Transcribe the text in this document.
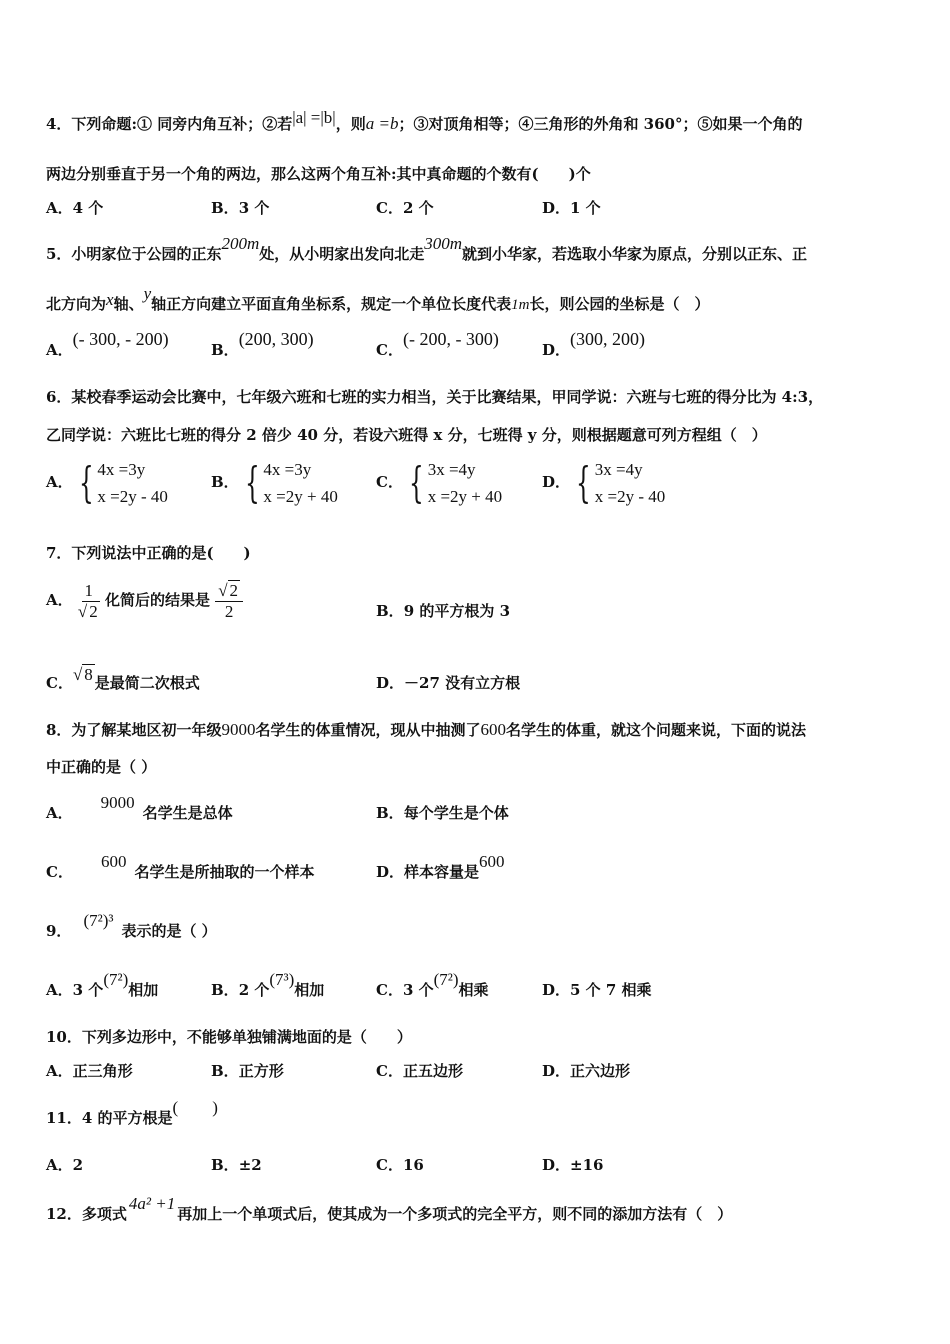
4．下列命题:① 同旁内角互补；②若|a| =|b|，则a =b；③对顶角相等；④三角形的外角和 360°；⑤如果一个角的
两边分别垂直于另一个角的两边，那么这两个角互补:其中真命题的个数有(　　)个
A．4 个	B．3 个	C．2 个	D．1 个
5．小明家位于公园的正东200m处，从小明家出发向北走300m就到小华家，若选取小华家为原点，分别以正东、正
北方向为x轴、y轴正方向建立平面直角坐标系，规定一个单位长度代表1m长，则公园的坐标是（　）
A．(- 300, - 200)
B．(200, 300)
C．(- 200, - 300)
D．(300, 200)
6．某校春季运动会比赛中，七年级六班和七班的实力相当，关于比赛结果，甲同学说：六班与七班的得分比为 4:3，
乙同学说：六班比七班的得分 2 倍少 40 分，若设六班得 x 分，七班得 y 分，则根据题意可列方程组（　）
A． { 4x =3y
x =2y - 40
B． { 4x =3y
x =2y + 40
C． { 3x =4y
x =2y + 40
D． { 3x =4y
x =2y - 40
7．下列说法中正确的是(　　)
A． $\frac{1}{√ 2}$ 化简后的结果是 $\frac{√ 2}{2}$	B．9 的平方根为 3
C．√ 8 是最简二次根式	D．－27 没有立方根
8．为了解某地区初一年级9000名学生的体重情况，现从中抽测了600名学生的体重，就这个问题来说，下面的说法
中正确的是（ ）
A．9000名学生是总体	B．每个学生是个体
C．600名学生是所抽取的一个样本	D．样本容量是600
9．(7²)³表示的是（ ）
A．3 个(7²)相加	B．2 个(7³)相加	C．3 个(7²)相乘	D．5 个 7 相乘
10．下列多边形中，不能够单独铺满地面的是（　　）
A．正三角形	B．正方形	C．正五边形	D．正六边形
11．4 的平方根是(　　)
A．2	B．±2	C．16	D．±16
12．多项式4a² +1再加上一个单项式后，使其成为一个多项式的完全平方，则不同的添加方法有（　）
